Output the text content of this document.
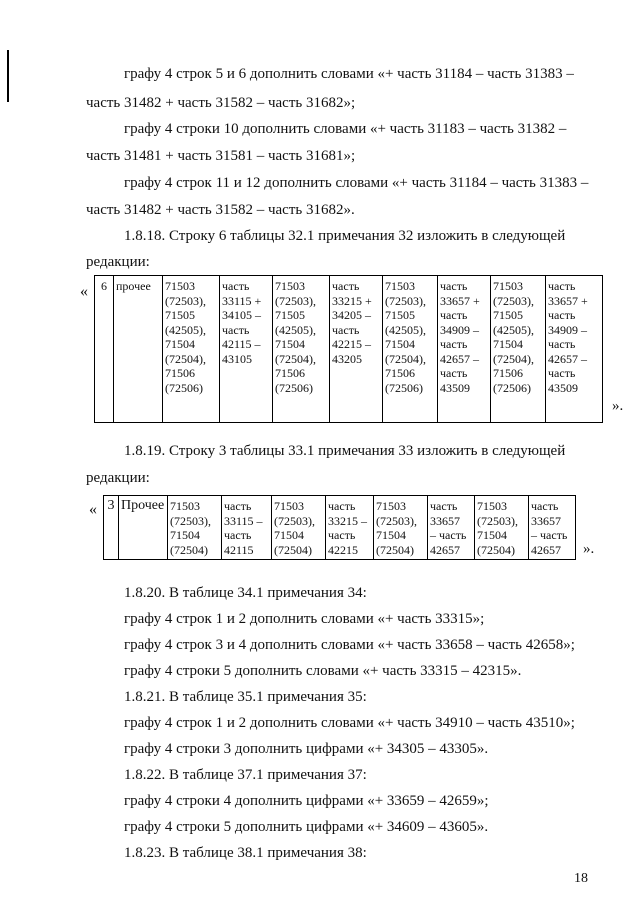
графу 4 строк 5 и 6 дополнить словами «+ часть 31184 – часть 31383 –
часть 31482 + часть 31582 – часть 31682»;
графу 4 строки 10 дополнить словами «+ часть 31183 – часть 31382 –
часть 31481 + часть 31581 – часть 31681»;
графу 4 строк 11 и 12 дополнить словами «+ часть 31184 – часть 31383 –
часть 31482 + часть 31582 – часть 31682».
1.8.18. Строку 6 таблицы 32.1 примечания 32 изложить в следующей
редакции:
« 6	прочее	71503
(72503),
71505
(42505),
71504
(72504),
71506
(72506)	часть
33115 +
34105 –
часть
42115 –
43105	71503
(72503),
71505
(42505),
71504
(72504),
71506
(72506)	часть
33215 +
34205 –
часть
42215 –
43205	71503
(72503),
71505
(42505),
71504
(72504),
71506
(72506)	часть
33657 +
часть
34909 –
часть
42657 –
часть
43509	71503
(72503),
71505
(42505),
71504
(72504),
71506
(72506)	часть
33657 +
часть
34909 –
часть
42657 –
часть
43509
».
1.8.19. Строку 3 таблицы 33.1 примечания 33 изложить в следующей
редакции:
« 3	Прочее	71503
(72503),
71504
(72504)	часть
33115 –
часть
42115	71503
(72503),
71504
(72504)	часть
33215 –
часть
42215	71503
(72503),
71504
(72504)	часть
33657
– часть
42657	71503
(72503),
71504
(72504)	часть
33657
– часть
42657 ».
1.8.20. В таблице 34.1 примечания 34:
графу 4 строк 1 и 2 дополнить словами «+ часть 33315»;
графу 4 строк 3 и 4 дополнить словами «+ часть 33658 – часть 42658»;
графу 4 строки 5 дополнить словами «+ часть 33315 – 42315».
1.8.21. В таблице 35.1 примечания 35:
графу 4 строк 1 и 2 дополнить словами «+ часть 34910 – часть 43510»;
графу 4 строки 3 дополнить цифрами «+ 34305 – 43305».
1.8.22. В таблице 37.1 примечания 37:
графу 4 строки 4 дополнить цифрами «+ 33659 – 42659»;
графу 4 строки 5 дополнить цифрами «+ 34609 – 43605».
1.8.23. В таблице 38.1 примечания 38:
18
